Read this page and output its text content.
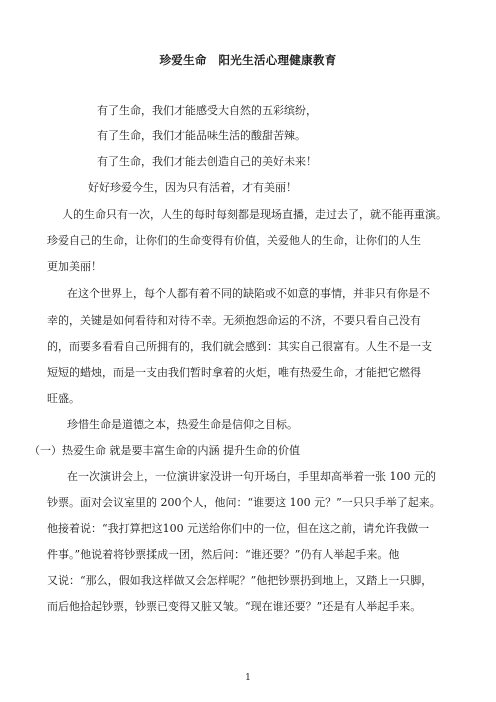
珍爱生命　阳光生活心理健康教育
有了生命，我们才能感受大自然的五彩缤纷，
有了生命，我们才能品味生活的酸甜苦辣。
有了生命，我们才能去创造自己的美好未来！
好好珍爱今生，因为只有活着，才有美丽！
人的生命只有一次，人生的每时每刻都是现场直播，走过去了，就不能再重演。
珍爱自己的生命，让你们的生命变得有价值，关爱他人的生命，让你们的人生
更加美丽！
在这个世界上，每个人都有着不同的缺陷或不如意的事情，并非只有你是不
幸的，关键是如何看待和对待不幸。无须抱怨命运的不济，不要只看自己没有
的，而要多看看自己所拥有的，我们就会感到：其实自己很富有。人生不是一支
短短的蜡烛，而是一支由我们暂时拿着的火炬，唯有热爱生命，才能把它燃得
旺盛。
珍惜生命是道德之本，热爱生命是信仰之目标。
（一）热爱生命 就是要丰富生命的内涵 提升生命的价值
在一次演讲会上，一位演讲家没讲一句开场白，手里却高举着一张 100 元的
钞票。面对会议室里的 200个人，他问：“谁要这 100 元？”一只只手举了起来。
他接着说：“我打算把这100 元送给你们中的一位，但在这之前，请允许我做一
件事。”他说着将钞票揉成一团，然后问：“谁还要？”仍有人举起手来。他
又说：“那么，假如我这样做又会怎样呢？”他把钞票扔到地上，又踏上一只脚，
而后他拾起钞票，钞票已变得又脏又皱。“现在谁还要？”还是有人举起手来。
1
